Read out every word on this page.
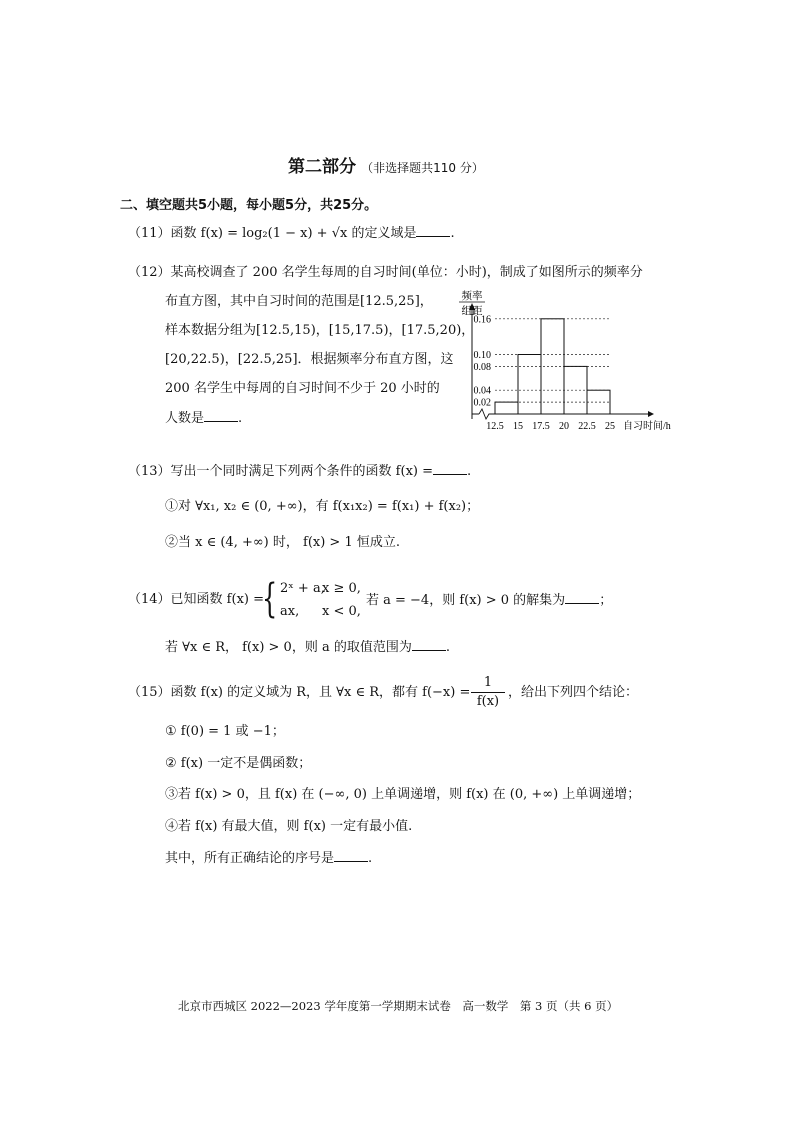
第二部分 （非选择题共110 分）
二、填空题共5小题，每小题5分，共25分。
（11）函数 f(x) = log₂(1 − x) + √x 的定义域是	.
（12）某高校调查了 200 名学生每周的自习时间(单位：小时)，制成了如图所示的频率分
布直方图，其中自习时间的范围是[12.5,25]，
样本数据分组为[12.5,15)，[15,17.5)，[17.5,20)，
[20,22.5)，[22.5,25]．根据频率分布直方图，这
200 名学生中每周的自习时间不少于 20 小时的
人数是	.
0.16
0.10
0.08
0.04
0.02
频率
组距
12.5 15 17.5 20 22.5 25 自习时间/h
（13）写出一个同时满足下列两个条件的函数 f(x) =	.
①对 ∀x₁, x₂ ∈ (0, +∞)，有 f(x₁x₂) = f(x₁) + f(x₂)；
②当 x ∈ (4, +∞) 时， f(x) > 1 恒成立.
（14）已知函数 f(x) =
{ 2ˣ + a,x ≥ 0,
ax, x < 0,
若 a = −4，则 f(x) > 0 的解集为	；
若 ∀x ∈ R， f(x) > 0，则 a 的取值范围为	.
（15）函数 f(x) 的定义域为 R，且 ∀x ∈ R，都有 f(−x) =
1
f(x)
，给出下列四个结论：
① f(0) = 1 或 −1；
② f(x) 一定不是偶函数；
③若 f(x) > 0，且 f(x) 在 (−∞, 0) 上单调递增，则 f(x) 在 (0, +∞) 上单调递增；
④若 f(x) 有最大值，则 f(x) 一定有最小值.
其中，所有正确结论的序号是	.
北京市西城区 2022—2023 学年度第一学期期末试卷　高一数学　第 3 页（共 6 页）
